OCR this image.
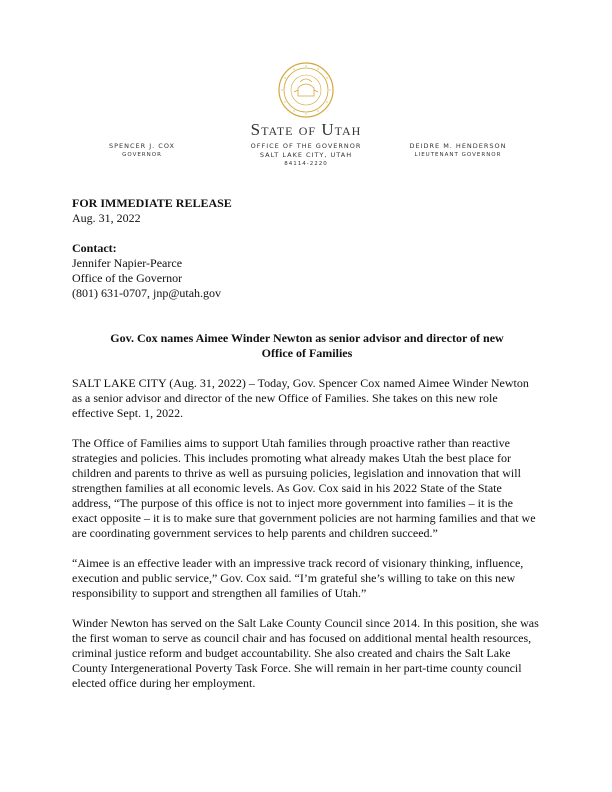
State of Utah
SPENCER J. COX
GOVERNOR
OFFICE OF THE GOVERNOR
SALT LAKE CITY, UTAH
84114-2220
DEIDRE M. HENDERSON
LIEUTENANT GOVERNOR

FOR IMMEDIATE RELEASE

Aug. 31, 2022

Contact:

Jennifer Napier-Pearce

Office of the Governor

(801) 631-0707, jnp@utah.gov

Gov. Cox names Aimee Winder Newton as senior advisor and director of new

Office of Families

SALT LAKE CITY (Aug. 31, 2022) – Today, Gov. Spencer Cox named Aimee Winder Newton

as a senior advisor and director of the new Office of Families. She takes on this new role

effective Sept. 1, 2022.

The Office of Families aims to support Utah families through proactive rather than reactive

strategies and policies. This includes promoting what already makes Utah the best place for

children and parents to thrive as well as pursuing policies, legislation and innovation that will

strengthen families at all economic levels. As Gov. Cox said in his 2022 State of the State

address, “The purpose of this office is not to inject more government into families – it is the

exact opposite – it is to make sure that government policies are not harming families and that we

are coordinating government services to help parents and children succeed.”

“Aimee is an effective leader with an impressive track record of visionary thinking, influence,

execution and public service,” Gov. Cox said. “I’m grateful she’s willing to take on this new

responsibility to support and strengthen all families of Utah.”

Winder Newton has served on the Salt Lake County Council since 2014. In this position, she was

the first woman to serve as council chair and has focused on additional mental health resources,

criminal justice reform and budget accountability. She also created and chairs the Salt Lake

County Intergenerational Poverty Task Force. She will remain in her part-time county council

elected office during her employment.
